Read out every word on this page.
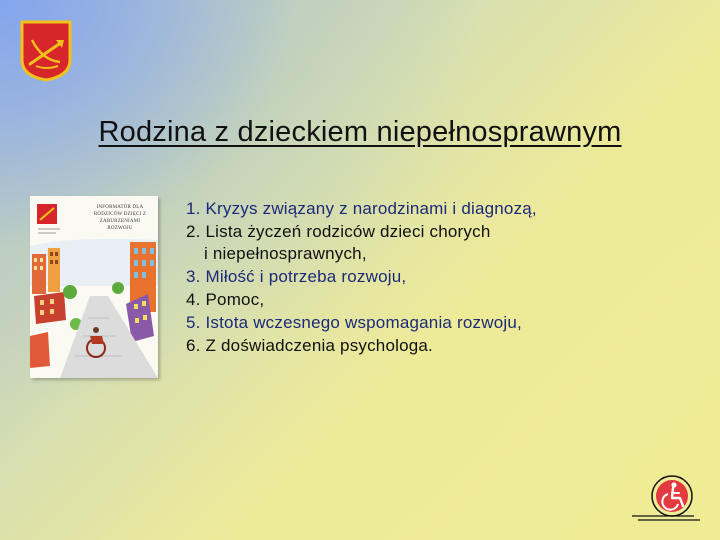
Rodzina z dzieckiem niepełnosprawnym
INFORMATOR DLA RODZICÓW DZIECI Z ZABURZENIAMI ROZWOJU
1. Kryzys związany z narodzinami i diagnozą,
2. Lista życzeń rodziców dzieci chorych
i niepełnosprawnych,
3. Miłość i potrzeba rozwoju,
4. Pomoc,
5. Istota wczesnego wspomagania rozwoju,
6. Z doświadczenia psychologa.
